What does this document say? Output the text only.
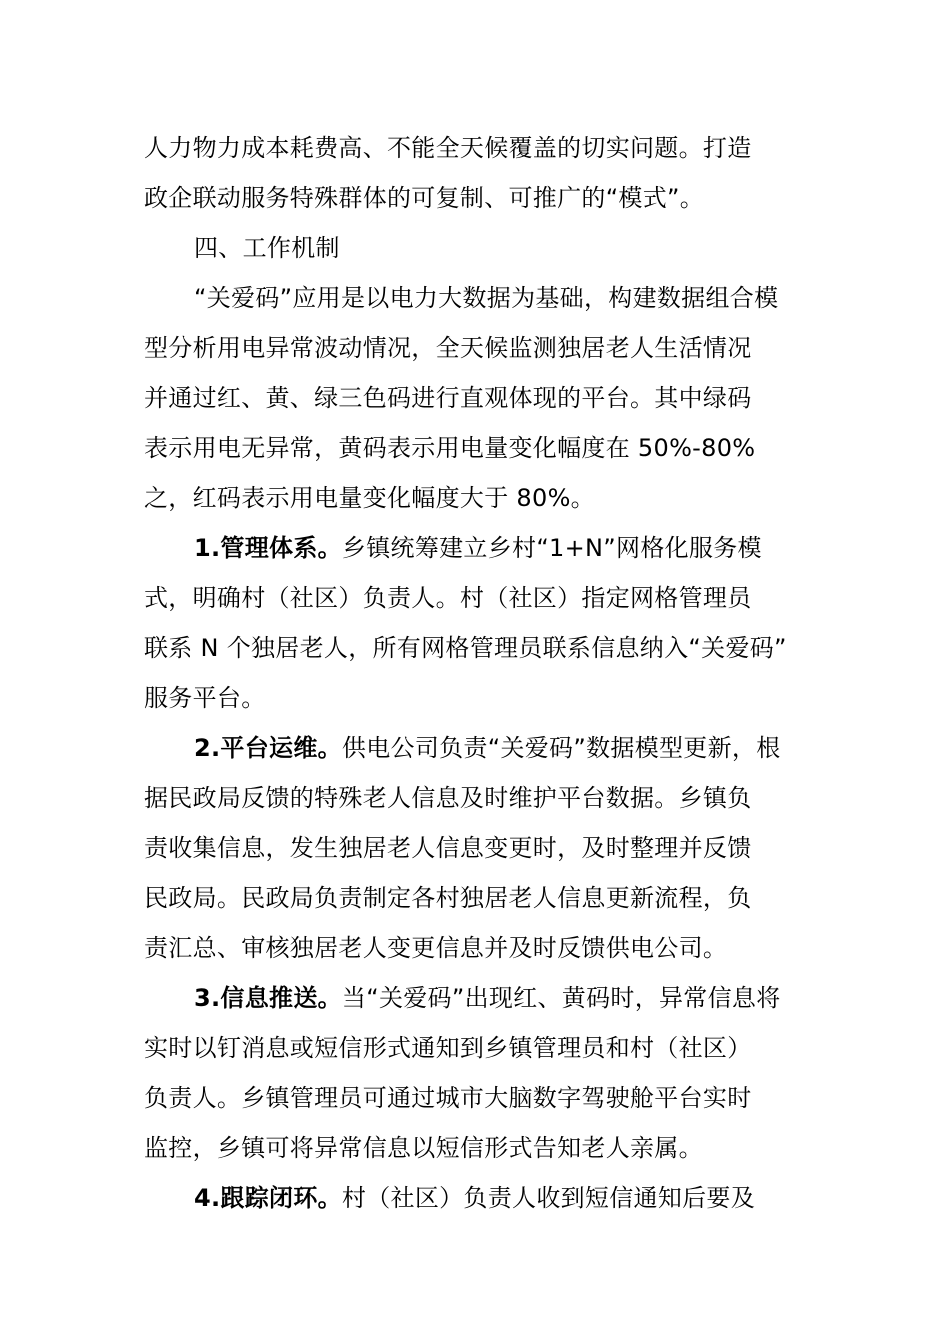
人力物力成本耗费高、不能全天候覆盖的切实问题。打造
政企联动服务特殊群体的可复制、可推广的“模式”。
四、工作机制
“关爱码”应用是以电力大数据为基础，构建数据组合模
型分析用电异常波动情况，全天候监测独居老人生活情况
并通过红、黄、绿三色码进行直观体现的平台。其中绿码
表示用电无异常，黄码表示用电量变化幅度在 50%-80%
之，红码表示用电量变化幅度大于 80%。
1.管理体系。乡镇统筹建立乡村“1+N”网格化服务模
式，明确村（社区）负责人。村（社区）指定网格管理员
联系 N 个独居老人，所有网格管理员联系信息纳入“关爱码”
服务平台。
2.平台运维。供电公司负责“关爱码”数据模型更新，根
据民政局反馈的特殊老人信息及时维护平台数据。乡镇负
责收集信息，发生独居老人信息变更时，及时整理并反馈
民政局。民政局负责制定各村独居老人信息更新流程，负
责汇总、审核独居老人变更信息并及时反馈供电公司。
3.信息推送。当“关爱码”出现红、黄码时，异常信息将
实时以钉消息或短信形式通知到乡镇管理员和村（社区）
负责人。乡镇管理员可通过城市大脑数字驾驶舱平台实时
监控，乡镇可将异常信息以短信形式告知老人亲属。
4.跟踪闭环。村（社区）负责人收到短信通知后要及
